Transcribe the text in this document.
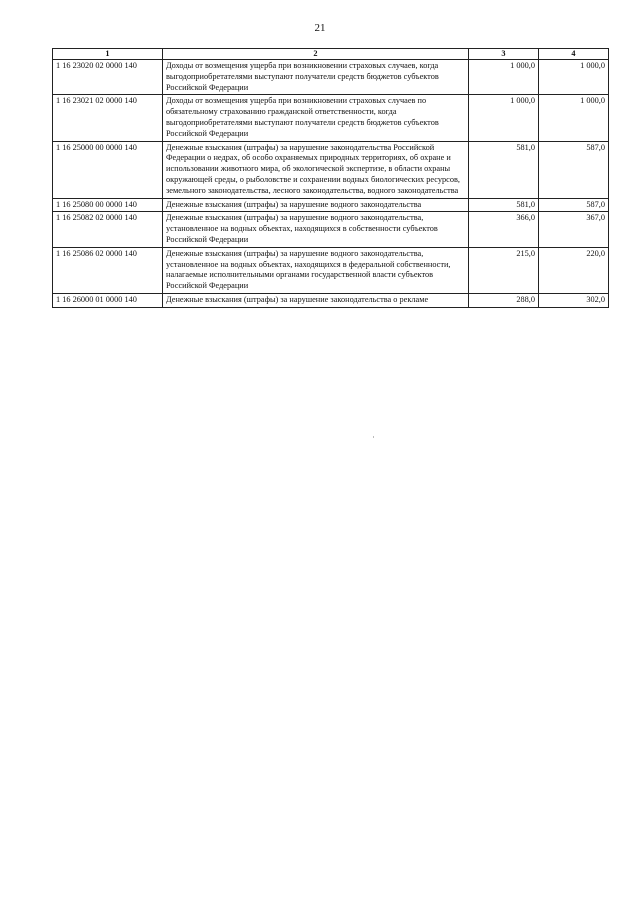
21
1	2	3	4
1 16 23020 02 0000 140	Доходы от возмещения ущерба при возникновении страховых случаев, когда выгодоприобретателями выступают получатели средств бюджетов субъектов Российской Федерации	1 000,0	1 000,0
1 16 23021 02 0000 140	Доходы от возмещения ущерба при возникновении страховых случаев по обязательному страхованию гражданской ответственности, когда выгодоприобретателями выступают получатели средств бюджетов субъектов Российской Федерации	1 000,0	1 000,0
1 16 25000 00 0000 140	Денежные взыскания (штрафы) за нарушение законодательства Российской Федерации о недрах, об особо охраняемых природных территориях, об охране и использовании животного мира, об экологической экспертизе, в области охраны окружающей среды, о рыболовстве и сохранении водных биологических ресурсов, земельного законодательства, лесного законодательства, водного законодательства	581,0	587,0
1 16 25080 00 0000 140	Денежные взыскания (штрафы) за нарушение водного законодательства	581,0	587,0
1 16 25082 02 0000 140	Денежные взыскания (штрафы) за нарушение водного законодательства, установленное на водных объектах, находящихся в собственности субъектов Российской Федерации	366,0	367,0
1 16 25086 02 0000 140	Денежные взыскания (штрафы) за нарушение водного законодательства, установленное на водных объектах, находящихся в федеральной собственности, налагаемые исполнительными органами государственной власти субъектов Российской Федерации	215,0	220,0
1 16 26000 01 0000 140	Денежные взыскания (штрафы) за нарушение законодательства о рекламе	288,0	302,0
